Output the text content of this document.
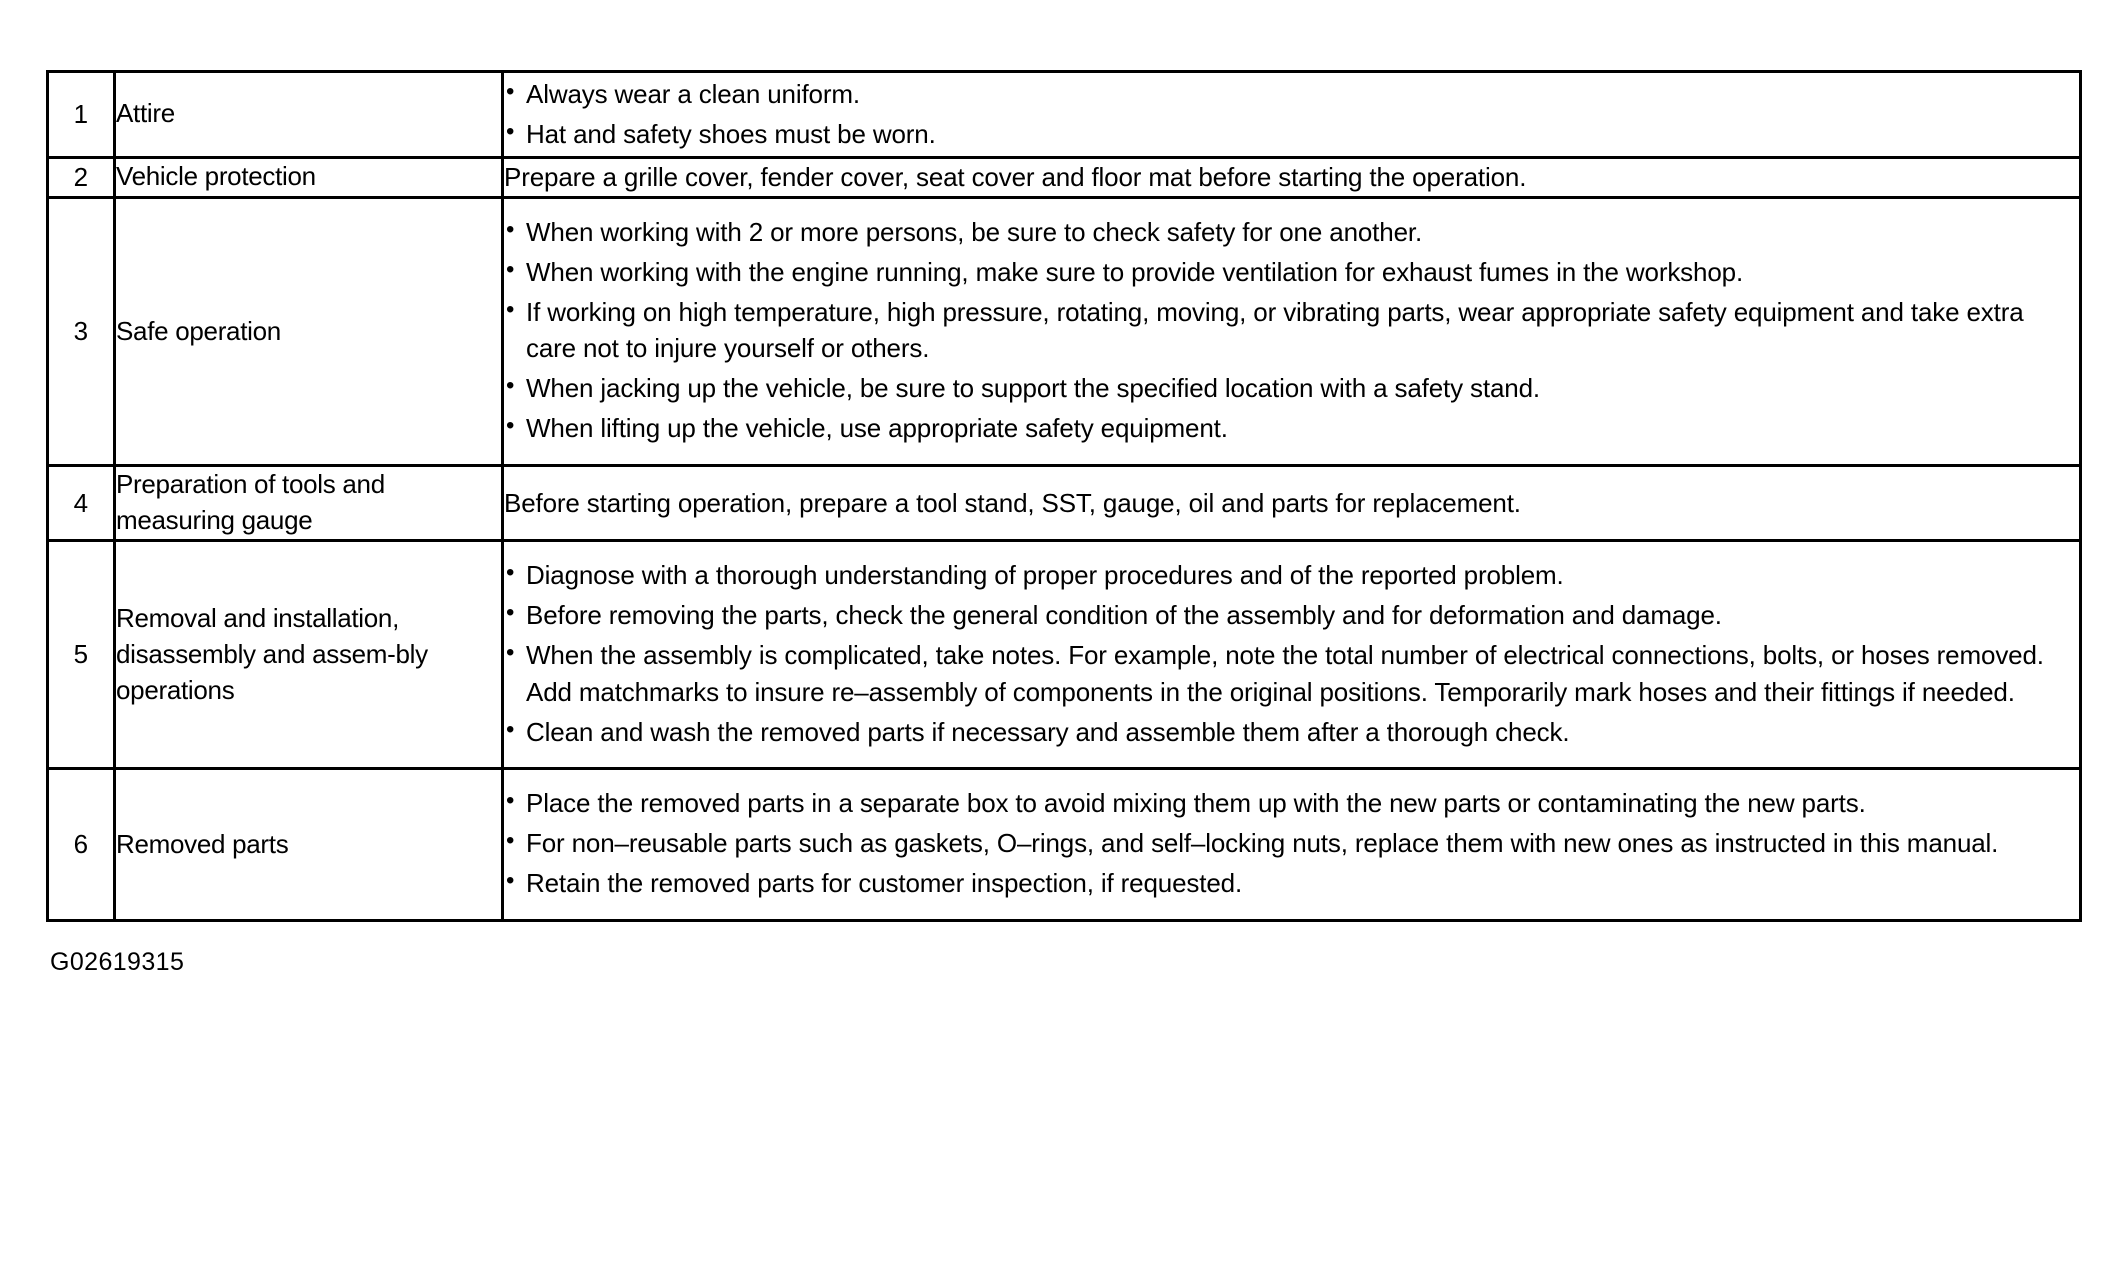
1	Attire	
• Always wear a clean uniform.
• Hat and safety shoes must be worn.

2	Vehicle protection	Prepare a grille cover, fender cover, seat cover and floor mat before starting the operation.

3	Safe operation	
• When working with 2 or more persons, be sure to check safety for one another.
• When working with the engine running, make sure to provide ventilation for exhaust fumes in the workshop.
• If working on high temperature, high pressure, rotating, moving, or vibrating parts, wear appropriate safety equipment and take extra care not to injure yourself or others.
• When jacking up the vehicle, be sure to support the specified location with a safety stand.
• When lifting up the vehicle, use appropriate safety equipment.

4	Preparation of tools and measuring gauge	Before starting operation, prepare a tool stand, SST, gauge, oil and parts for replacement.

5	Removal and installation, disassembly and assem-bly operations	
• Diagnose with a thorough understanding of proper procedures and of the reported problem.
• Before removing the parts, check the general condition of the assembly and for deformation and damage.
• When the assembly is complicated, take notes. For example, note the total number of electrical connections, bolts, or hoses removed. Add matchmarks to insure re–assembly of components in the original positions. Temporarily mark hoses and their fittings if needed.
• Clean and wash the removed parts if necessary and assemble them after a thorough check.

6	Removed parts	
• Place the removed parts in a separate box to avoid mixing them up with the new parts or contaminating the new parts.
• For non–reusable parts such as gaskets, O–rings, and self–locking nuts, replace them with new ones as instructed in this manual.
• Retain the removed parts for customer inspection, if requested.
G02619315
